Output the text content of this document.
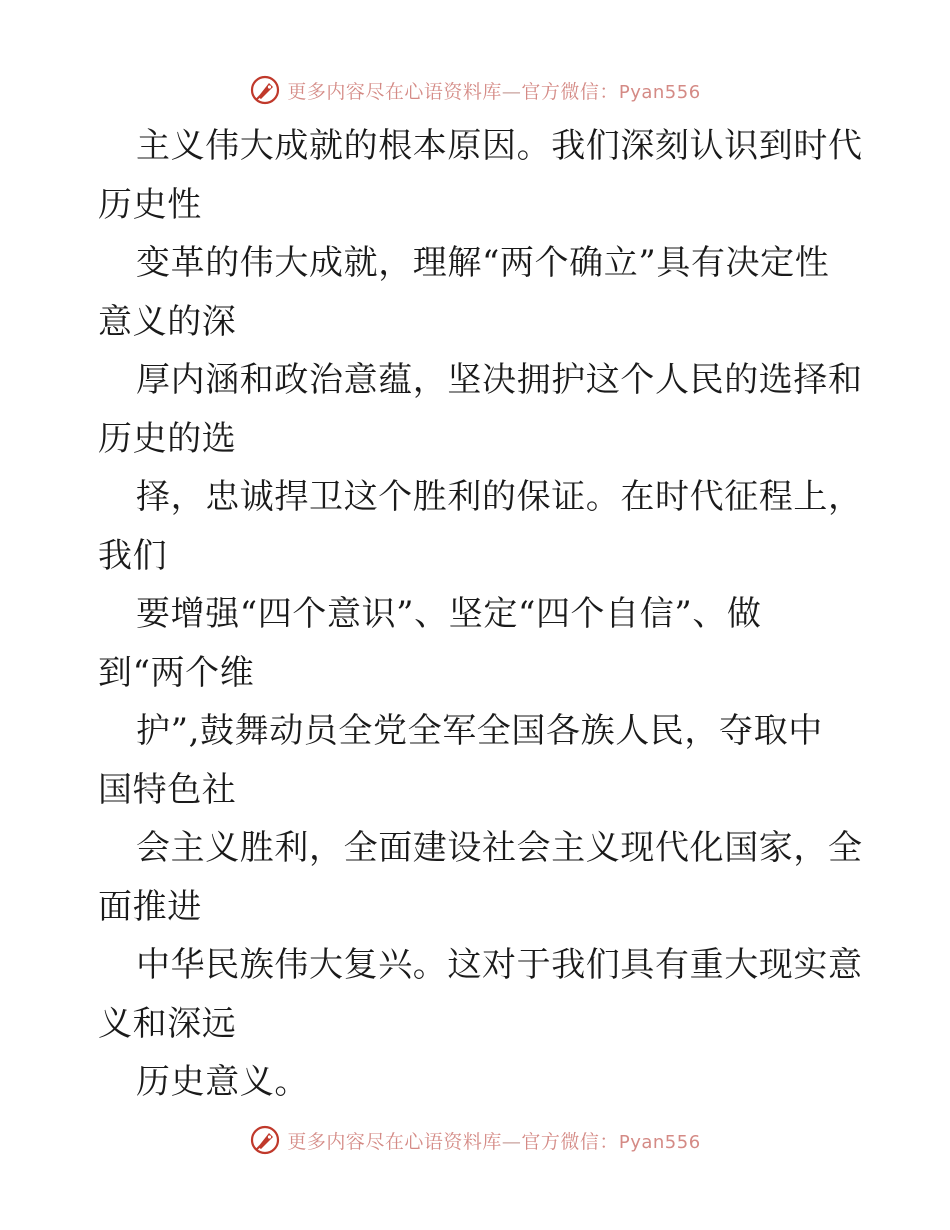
更多内容尽在心语资料库—官方微信：Pyan556
主义伟大成就的根本原因。我们深刻认识到时代
历史性
变革的伟大成就，理解“两个确立”具有决定性
意义的深
厚内涵和政治意蕴，坚决拥护这个人民的选择和
历史的选
择，忠诚捍卫这个胜利的保证。在时代征程上，
我们
要增强“四个意识”、坚定“四个自信”、做
到“两个维
护”,鼓舞动员全党全军全国各族人民，夺取中
国特色社
会主义胜利，全面建设社会主义现代化国家，全
面推进
中华民族伟大复兴。这对于我们具有重大现实意
义和深远
历史意义。
更多内容尽在心语资料库—官方微信：Pyan556
